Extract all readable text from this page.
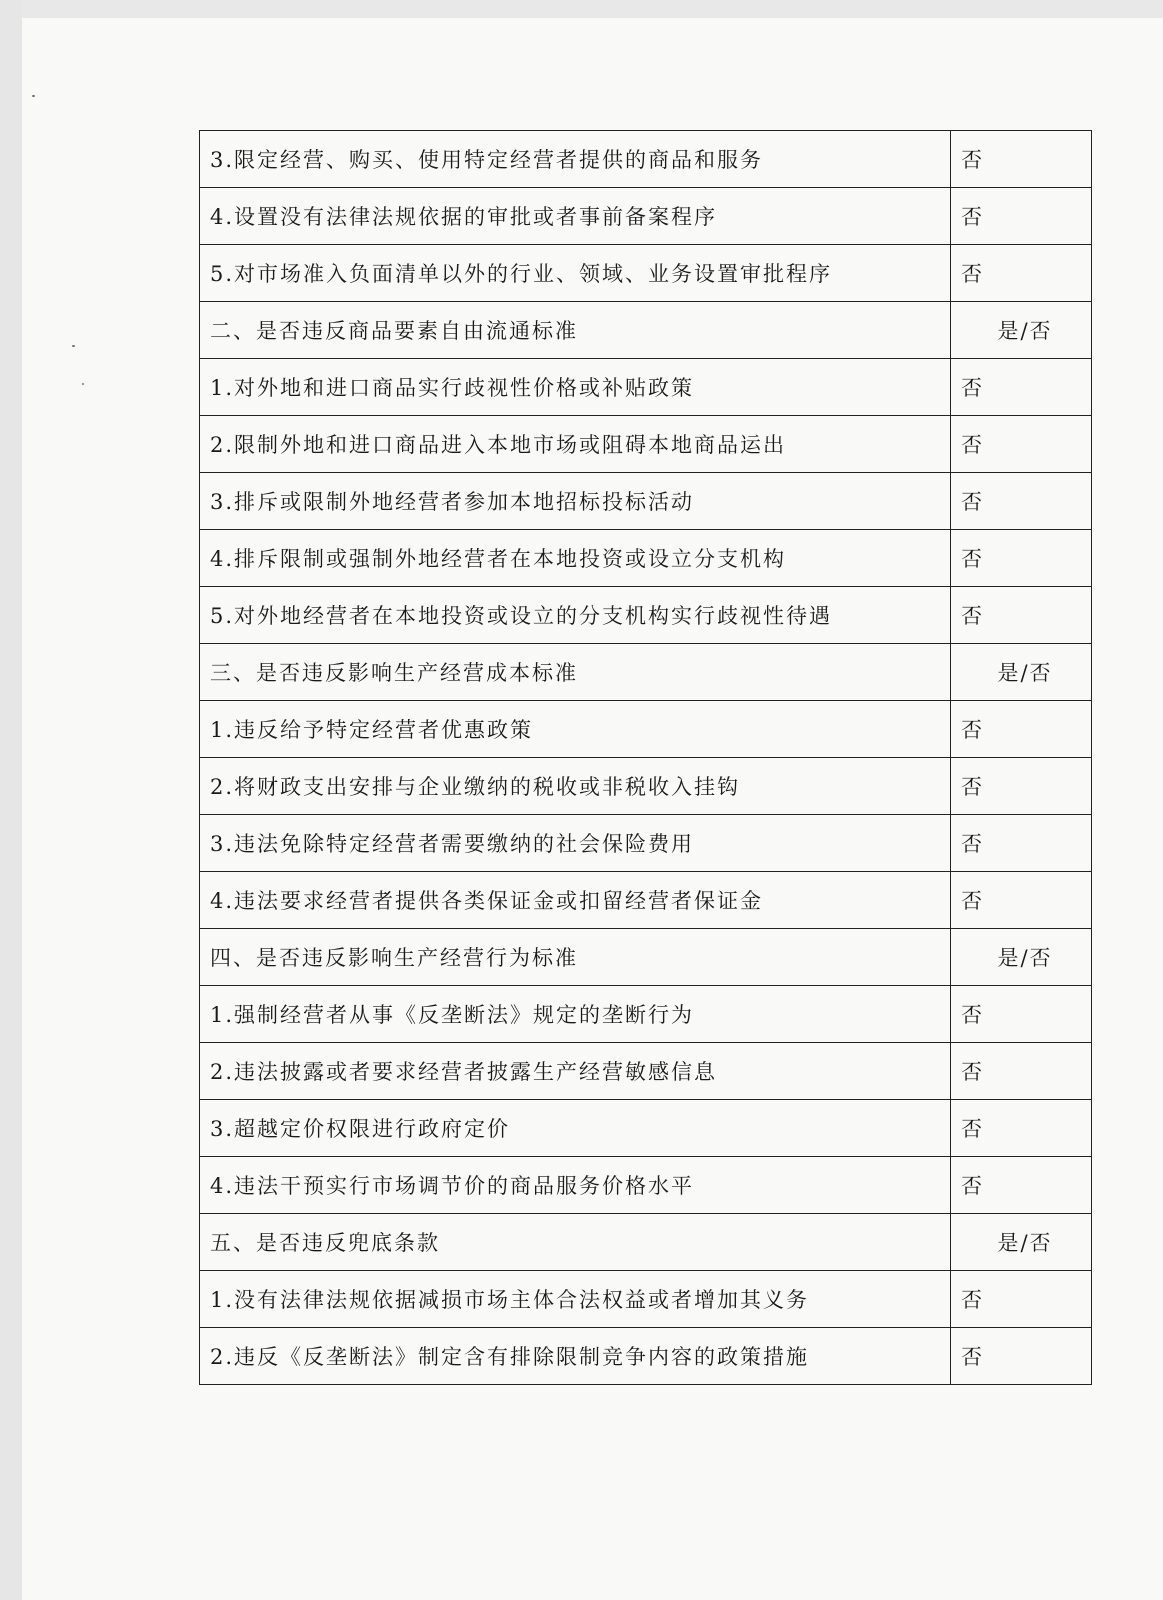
3.限定经营、购买、使用特定经营者提供的商品和服务	否
4.设置没有法律法规依据的审批或者事前备案程序	否
5.对市场准入负面清单以外的行业、领域、业务设置审批程序	否
二、是否违反商品要素自由流通标准	是/否
1.对外地和进口商品实行歧视性价格或补贴政策	否
2.限制外地和进口商品进入本地市场或阻碍本地商品运出	否
3.排斥或限制外地经营者参加本地招标投标活动	否
4.排斥限制或强制外地经营者在本地投资或设立分支机构	否
5.对外地经营者在本地投资或设立的分支机构实行歧视性待遇	否
三、是否违反影响生产经营成本标准	是/否
1.违反给予特定经营者优惠政策	否
2.将财政支出安排与企业缴纳的税收或非税收入挂钩	否
3.违法免除特定经营者需要缴纳的社会保险费用	否
4.违法要求经营者提供各类保证金或扣留经营者保证金	否
四、是否违反影响生产经营行为标准	是/否
1.强制经营者从事《反垄断法》规定的垄断行为	否
2.违法披露或者要求经营者披露生产经营敏感信息	否
3.超越定价权限进行政府定价	否
4.违法干预实行市场调节价的商品服务价格水平	否
五、是否违反兜底条款	是/否
1.没有法律法规依据减损市场主体合法权益或者增加其义务	否
2.违反《反垄断法》制定含有排除限制竞争内容的政策措施	否
